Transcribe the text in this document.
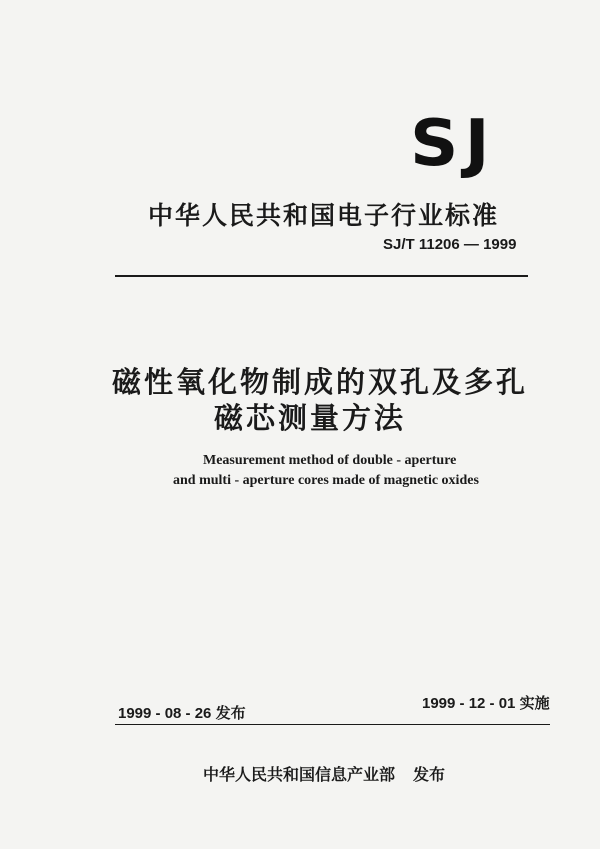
SJ
中华人民共和国电子行业标准
SJ/T 11206 — 1999
磁性氧化物制成的双孔及多孔
磁芯测量方法
Measurement method of double - aperture
and multi - aperture cores made of magnetic oxides
1999 - 08 - 26 发布
1999 - 12 - 01 实施
中华人民共和国信息产业部 发布
